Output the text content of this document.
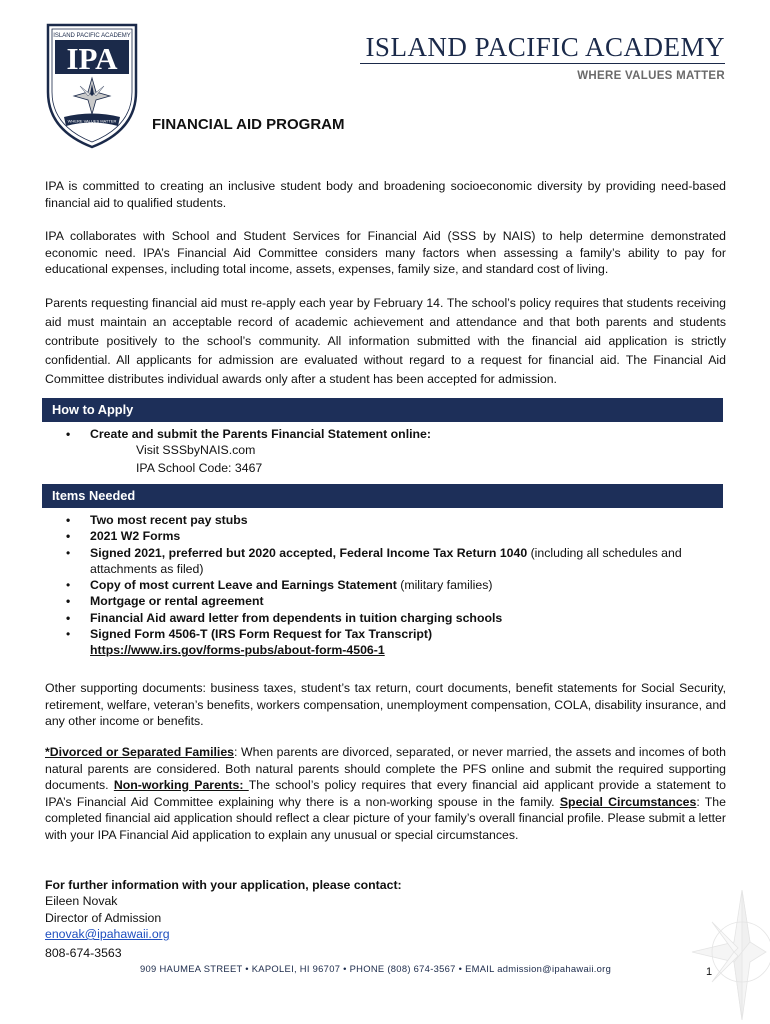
ISLAND PACIFIC ACADEMY
IPA
WHERE VALUES MATTER
ISLAND PACIFIC ACADEMY
WHERE VALUES MATTER
FINANCIAL AID PROGRAM
IPA is committed to creating an inclusive student body and broadening socioeconomic diversity by providing need-based financial aid to qualified students.
IPA collaborates with School and Student Services for Financial Aid (SSS by NAIS) to help determine demonstrated economic need. IPA’s Financial Aid Committee considers many factors when assessing a family’s ability to pay for educational expenses, including total income, assets, expenses, family size, and standard cost of living.
Parents requesting financial aid must re-apply each year by February 14. The school’s policy requires that students receiving aid must maintain an acceptable record of academic achievement and attendance and that both parents and students contribute positively to the school’s community. All information submitted with the financial aid application is strictly confidential. All applicants for admission are evaluated without regard to a request for financial aid. The Financial Aid Committee distributes individual awards only after a student has been accepted for admission.
How to Apply
• Create and submit the Parents Financial Statement online:
Visit SSSbyNAIS.com
IPA School Code: 3467
Items Needed
• Two most recent pay stubs
• 2021 W2 Forms
• Signed 2021, preferred but 2020 accepted, Federal Income Tax Return 1040 (including all schedules and attachments as filed)
• Copy of most current Leave and Earnings Statement (military families)
• Mortgage or rental agreement
• Financial Aid award letter from dependents in tuition charging schools
• Signed Form 4506-T (IRS Form Request for Tax Transcript)
https://www.irs.gov/forms-pubs/about-form-4506-1
Other supporting documents: business taxes, student’s tax return, court documents, benefit statements for Social Security, retirement, welfare, veteran’s benefits, workers compensation, unemployment compensation, COLA, disability insurance, and any other income or benefits.
*Divorced or Separated Families: When parents are divorced, separated, or never married, the assets and incomes of both natural parents are considered. Both natural parents should complete the PFS online and submit the required supporting documents. Non-working Parents: The school’s policy requires that every financial aid applicant provide a statement to IPA’s Financial Aid Committee explaining why there is a non-working spouse in the family. Special Circumstances: The completed financial aid application should reflect a clear picture of your family’s overall financial profile. Please submit a letter with your IPA Financial Aid application to explain any unusual or special circumstances.
For further information with your application, please contact:
Eileen Novak
Director of Admission
enovak@ipahawaii.org
808-674-3563
909 HAUMEA STREET • KAPOLEI, HI 96707 • PHONE (808) 674-3567 • EMAIL admission@ipahawaii.org	1
